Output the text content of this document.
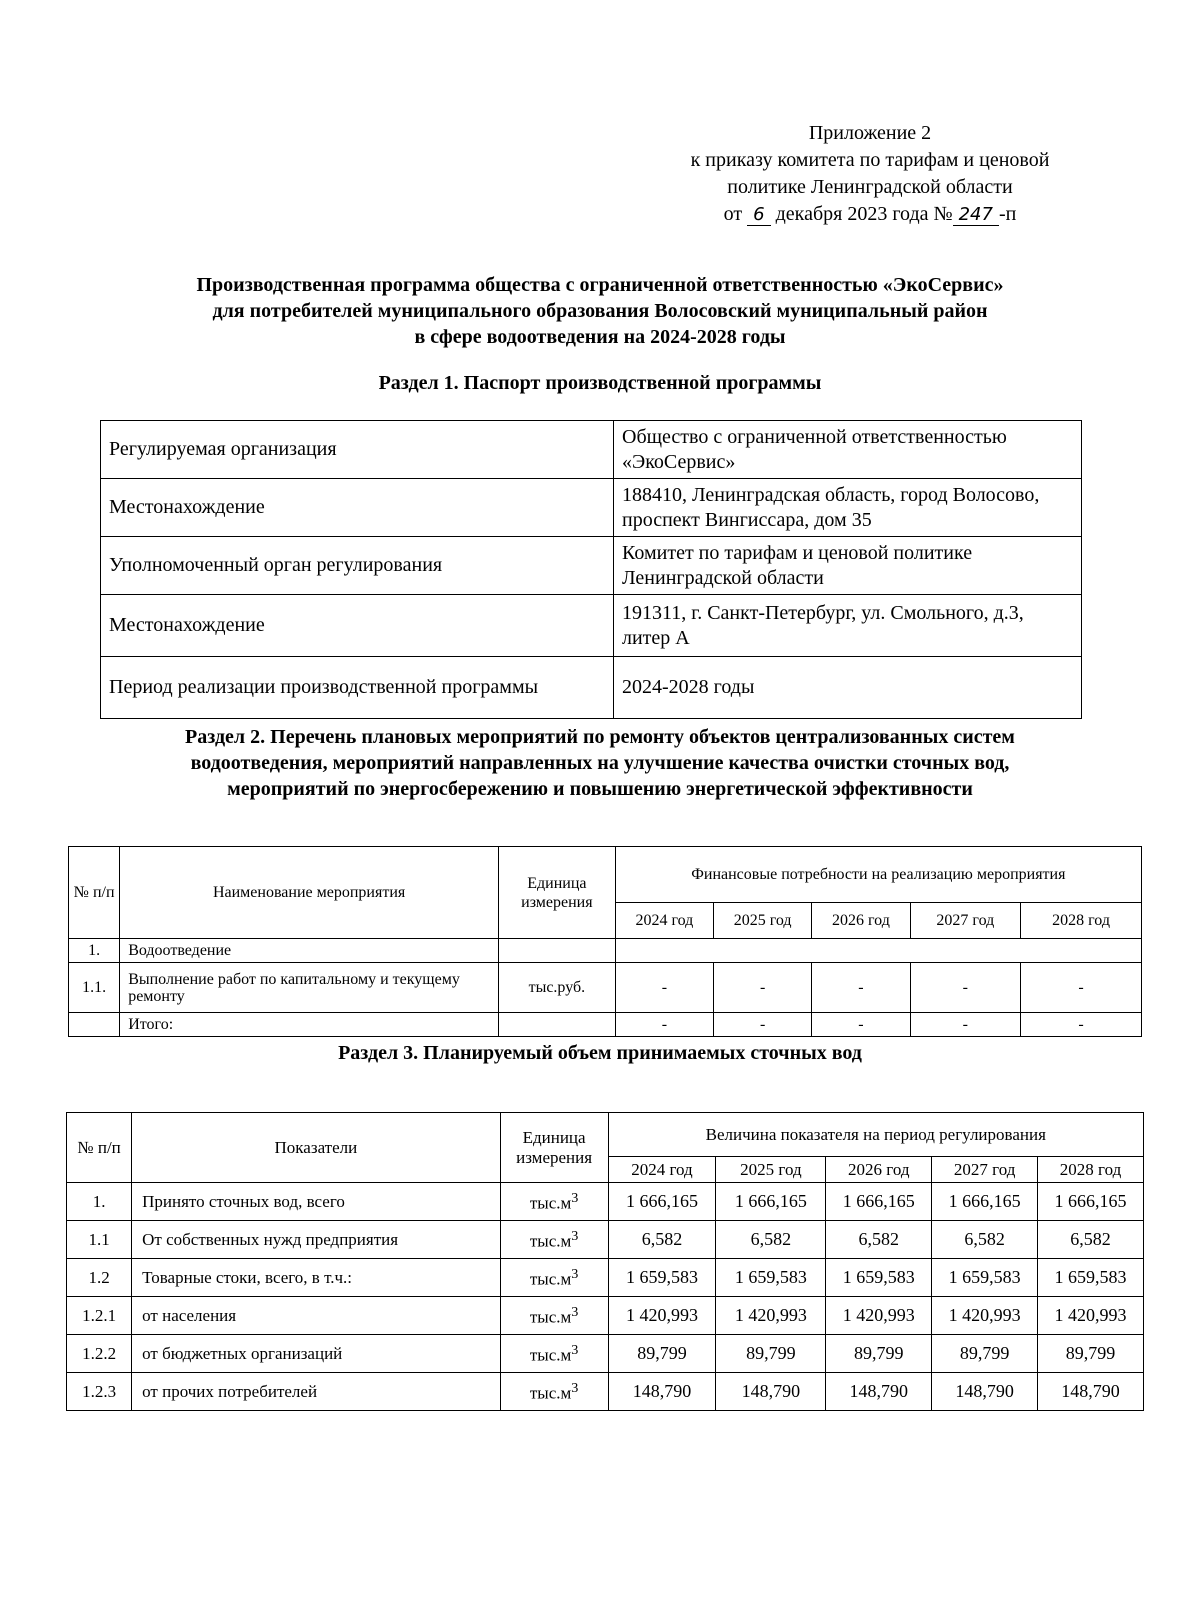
Приложение 2
к приказу комитета по тарифам и ценовой
политике Ленинградской области
от 6 декабря 2023 года № 247 -п
Производственная программа общества с ограниченной ответственностью «ЭкоСервис»
для потребителей муниципального образования Волосовский муниципальный район
в сфере водоотведения на 2024-2028 годы
Раздел 1. Паспорт производственной программы
Регулируемая организация	Общество с ограниченной ответственностью «ЭкоСервис»
Местонахождение	188410, Ленинградская область, город Волосово, проспект Вингиссара, дом 35
Уполномоченный орган регулирования	Комитет по тарифам и ценовой политике Ленинградской области
Местонахождение	191311, г. Санкт-Петербург, ул. Смольного, д.3, литер А
Период реализации производственной программы	2024-2028 годы
Раздел 2. Перечень плановых мероприятий по ремонту объектов централизованных систем
водоотведения, мероприятий направленных на улучшение качества очистки сточных вод,
мероприятий по энергосбережению и повышению энергетической эффективности
№ п/п	Наименование мероприятия	Единица измерения	Финансовые потребности на реализацию мероприятия				
			2024 год	2025 год	2026 год	2027 год	2028 год
1.	Водоотведение						
1.1.	Выполнение работ по капитальному и текущему ремонту	тыс.руб.	-	-	-	-	-
	Итого:		-	-	-	-	-
Раздел 3. Планируемый объем принимаемых сточных вод
№ п/п	Показатели	Единица измерения	Величина показателя на период регулирования				
			2024 год	2025 год	2026 год	2027 год	2028 год
1.	Принято сточных вод, всего	$тыс.м^3$	1 666,165	1 666,165	1 666,165	1 666,165	1 666,165
1.1	От собственных нужд предприятия	$тыс.м^3$	6,582	6,582	6,582	6,582	6,582
1.2	Товарные стоки, всего, в т.ч.:	$тыс.м^3$	1 659,583	1 659,583	1 659,583	1 659,583	1 659,583
1.2.1	от населения	$тыс.м^3$	1 420,993	1 420,993	1 420,993	1 420,993	1 420,993
1.2.2	от бюджетных организаций	$тыс.м^3$	89,799	89,799	89,799	89,799	89,799
1.2.3	от прочих потребителей	$тыс.м^3$	148,790	148,790	148,790	148,790	148,790
